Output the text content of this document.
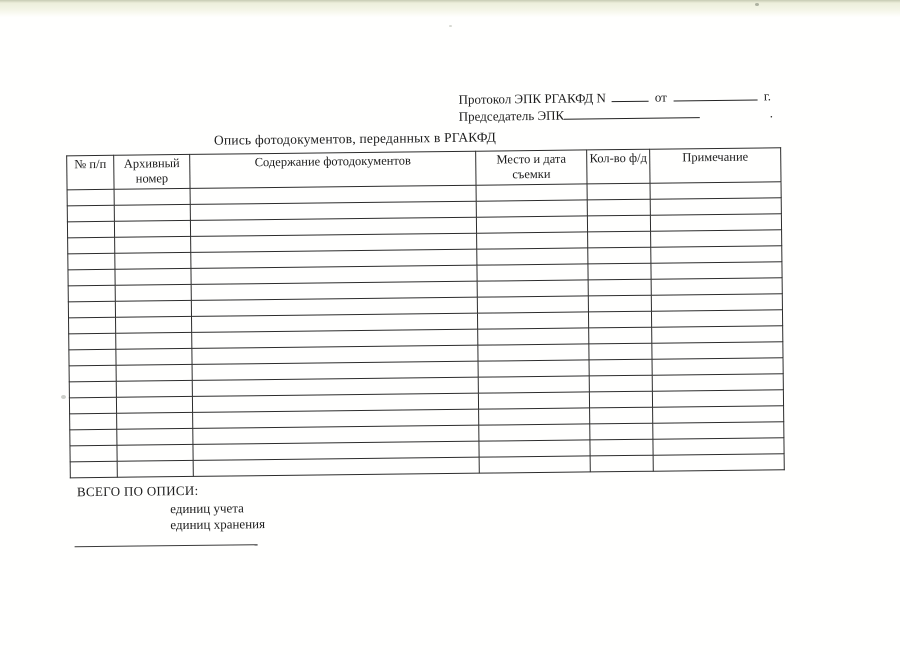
Протокол ЭПК РГАКФД N	от	г.
Председатель ЭПК	.
Опись фотодокументов, переданных в РГАКФД
№ п/п	Архивный номер	Содержание фотодокументов	Место и дата съемки	Кол-во ф/д	Примечание

ВСЕГО ПО ОПИСИ:
единиц учета
единиц хранения
